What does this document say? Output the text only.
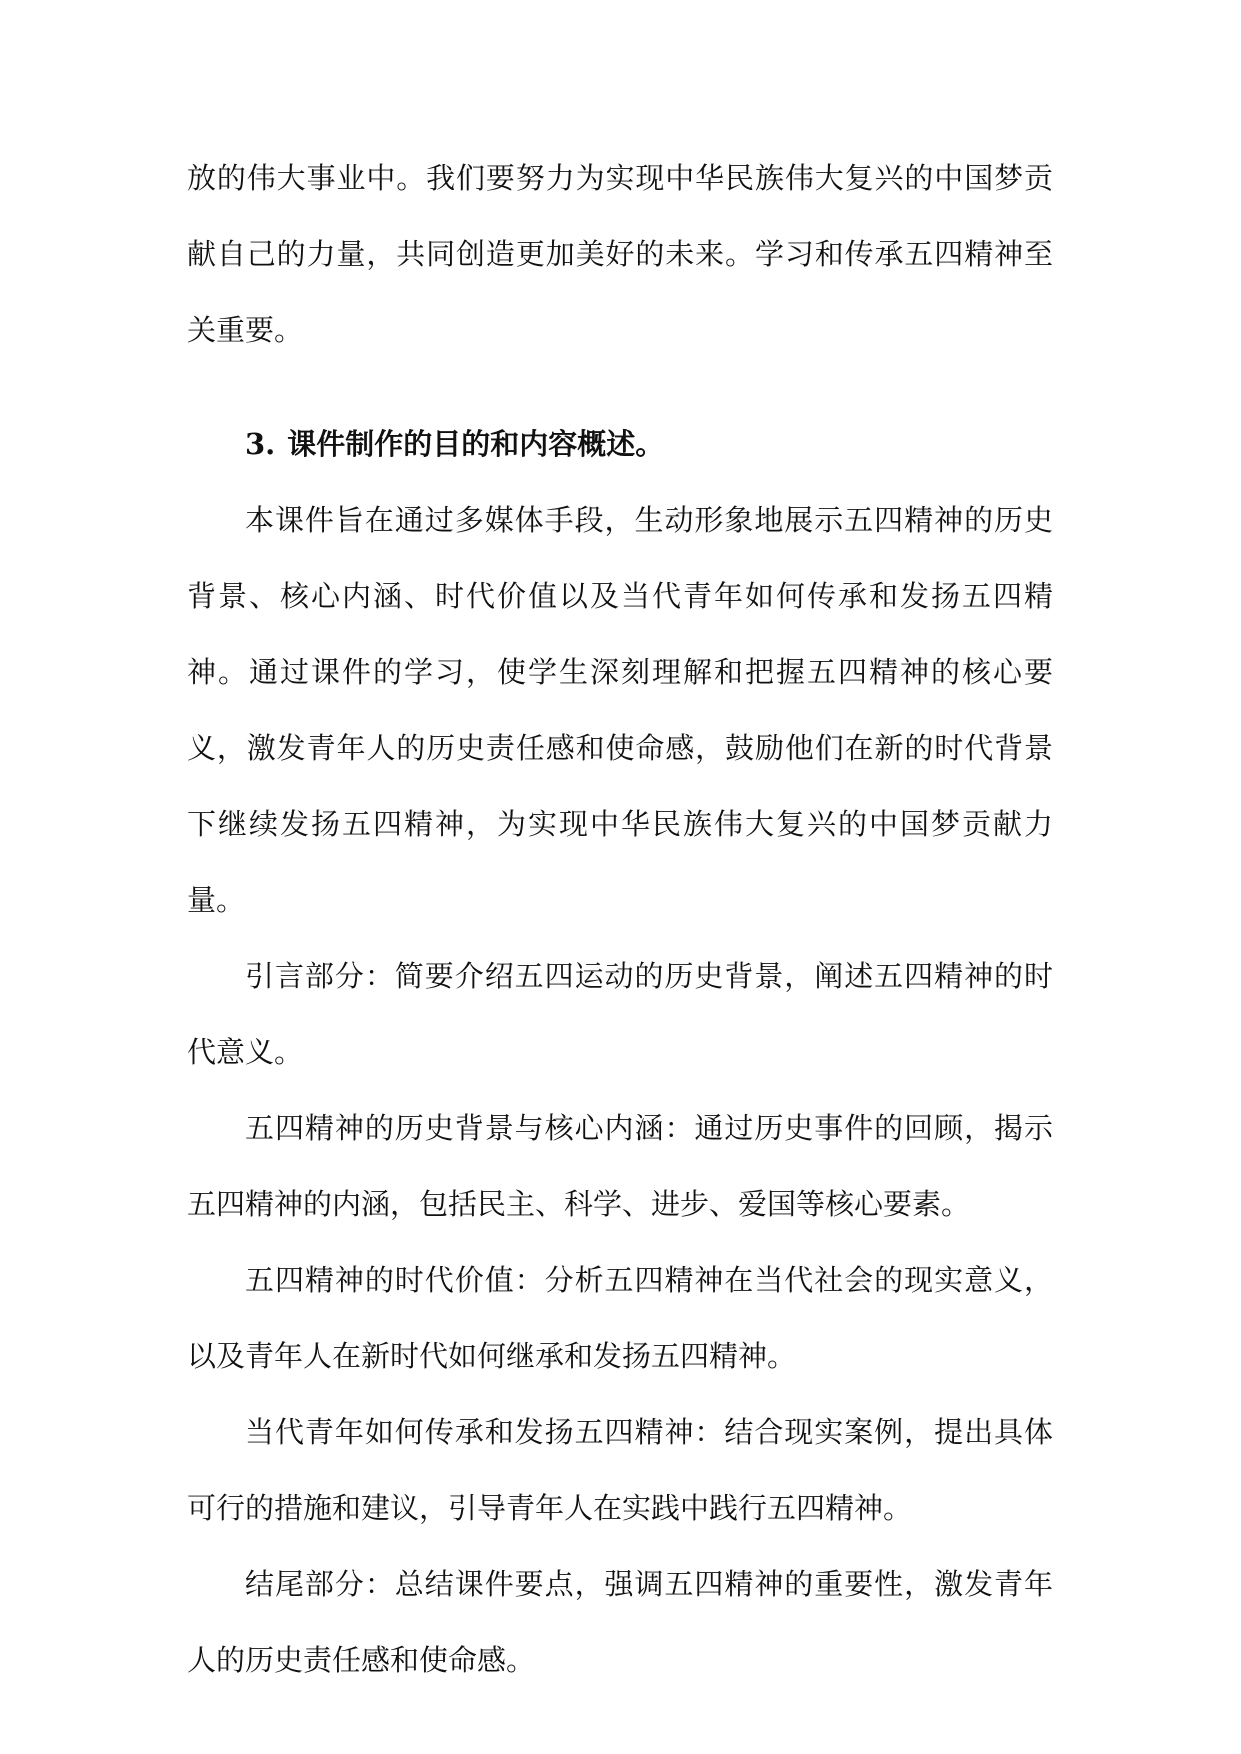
放的伟大事业中。我们要努力为实现中华民族伟大复兴的中国梦贡献自己的力量，共同创造更加美好的未来。学习和传承五四精神至关重要。

3. 课件制作的目的和内容概述。

本课件旨在通过多媒体手段，生动形象地展示五四精神的历史背景、核心内涵、时代价值以及当代青年如何传承和发扬五四精神。通过课件的学习，使学生深刻理解和把握五四精神的核心要义，激发青年人的历史责任感和使命感，鼓励他们在新的时代背景下继续发扬五四精神，为实现中华民族伟大复兴的中国梦贡献力量。

引言部分：简要介绍五四运动的历史背景，阐述五四精神的时代意义。

五四精神的历史背景与核心内涵：通过历史事件的回顾，揭示五四精神的内涵，包括民主、科学、进步、爱国等核心要素。

五四精神的时代价值：分析五四精神在当代社会的现实意义，以及青年人在新时代如何继承和发扬五四精神。

当代青年如何传承和发扬五四精神：结合现实案例，提出具体可行的措施和建议，引导青年人在实践中践行五四精神。

结尾部分：总结课件要点，强调五四精神的重要性，激发青年人的历史责任感和使命感。
